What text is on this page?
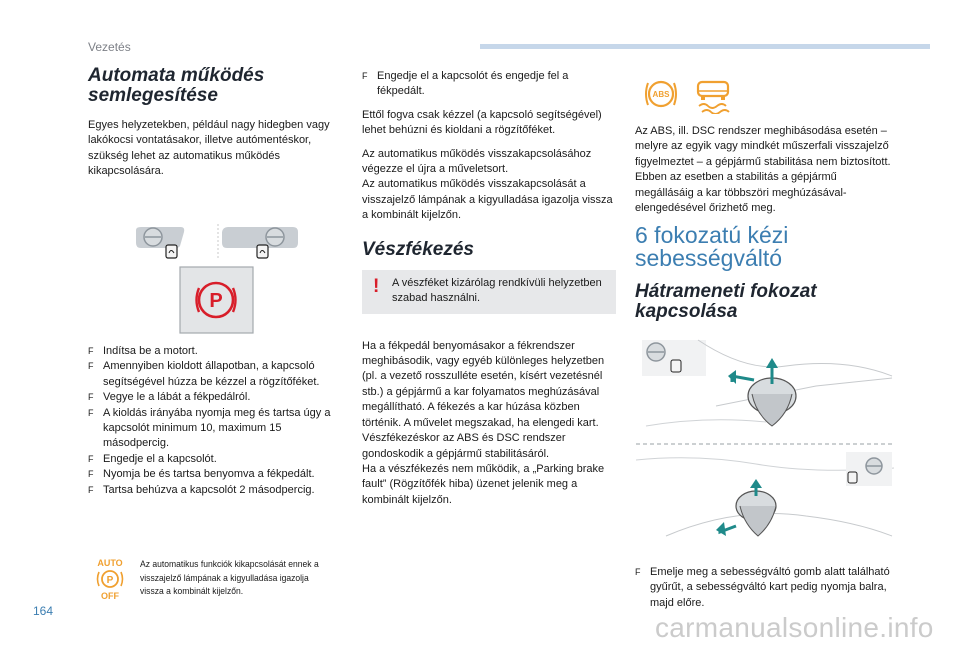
Vezetés
Automata működés
semlegesítése

Egyes helyzetekben, például nagy hidegben vagy lakókocsi vontatásakor, illetve autómentéskor, szükség lehet az automatikus működés kikapcsolására.

P
F Indítsa be a motort.
F Amennyiben kioldott állapotban, a kapcsoló segítségével húzza be kézzel a rögzítőféket.
F Vegye le a lábát a fékpedálról.
F A kioldás irányába nyomja meg és tartsa úgy a kapcsolót minimum 10, maximum 15 másodpercig.
F Engedje el a kapcsolót.
F Nyomja be és tartsa benyomva a fékpedált.
F Tartsa behúzva a kapcsolót 2 másodpercig.
AUTO
P
OFF
Az automatikus funkciók kikapcsolását ennek a visszajelző lámpának a kigyulladása igazolja vissza a kombinált kijelzőn.
F Engedje el a kapcsolót és engedje fel a fékpedált.

Ettől fogva csak kézzel (a kapcsoló segítségével) lehet behúzni és kioldani a rögzítőféket.

Az automatikus működés visszakapcsolásához végezze el újra a műveletsort.
Az automatikus működés visszakapcsolását a visszajelző lámpának a kigyulladása igazolja vissza a kombinált kijelzőn.

Vészfékezés
! A vészféket kizárólag rendkívüli helyzetben szabad használni.

Ha a fékpedál benyomásakor a fékrendszer meghibásodik, vagy egyéb különleges helyzetben (pl. a vezető rosszulléte esetén, kísért vezetésnél stb.) a gépjármű a kar folyamatos meghúzásával megállítható. A fékezés a kar húzása közben történik. A művelet megszakad, ha elengedi kart.
Vészfékezéskor az ABS és DSC rendszer gondoskodik a gépjármű stabilitásáról.
Ha a vészfékezés nem működik, a „Parking brake fault” (Rögzítőfék hiba) üzenet jelenik meg a kombinált kijelzőn.

ABS

Az ABS, ill. DSC rendszer meghibásodása esetén – melyre az egyik vagy mindkét műszerfali visszajelző figyelmeztet – a gépjármű stabilitása nem biztosított.
Ebben az esetben a stabilitás a gépjármű megállásáig a kar többszöri meghúzásával-elengedésével őrizhető meg.

6 fokozatú kézi
sebességváltó
Hátrameneti fokozat
kapcsolása
F Emelje meg a sebességváltó gomb alatt található gyűrűt, a sebességváltó kart pedig nyomja balra, majd előre.
164
carmanualsonline.info
